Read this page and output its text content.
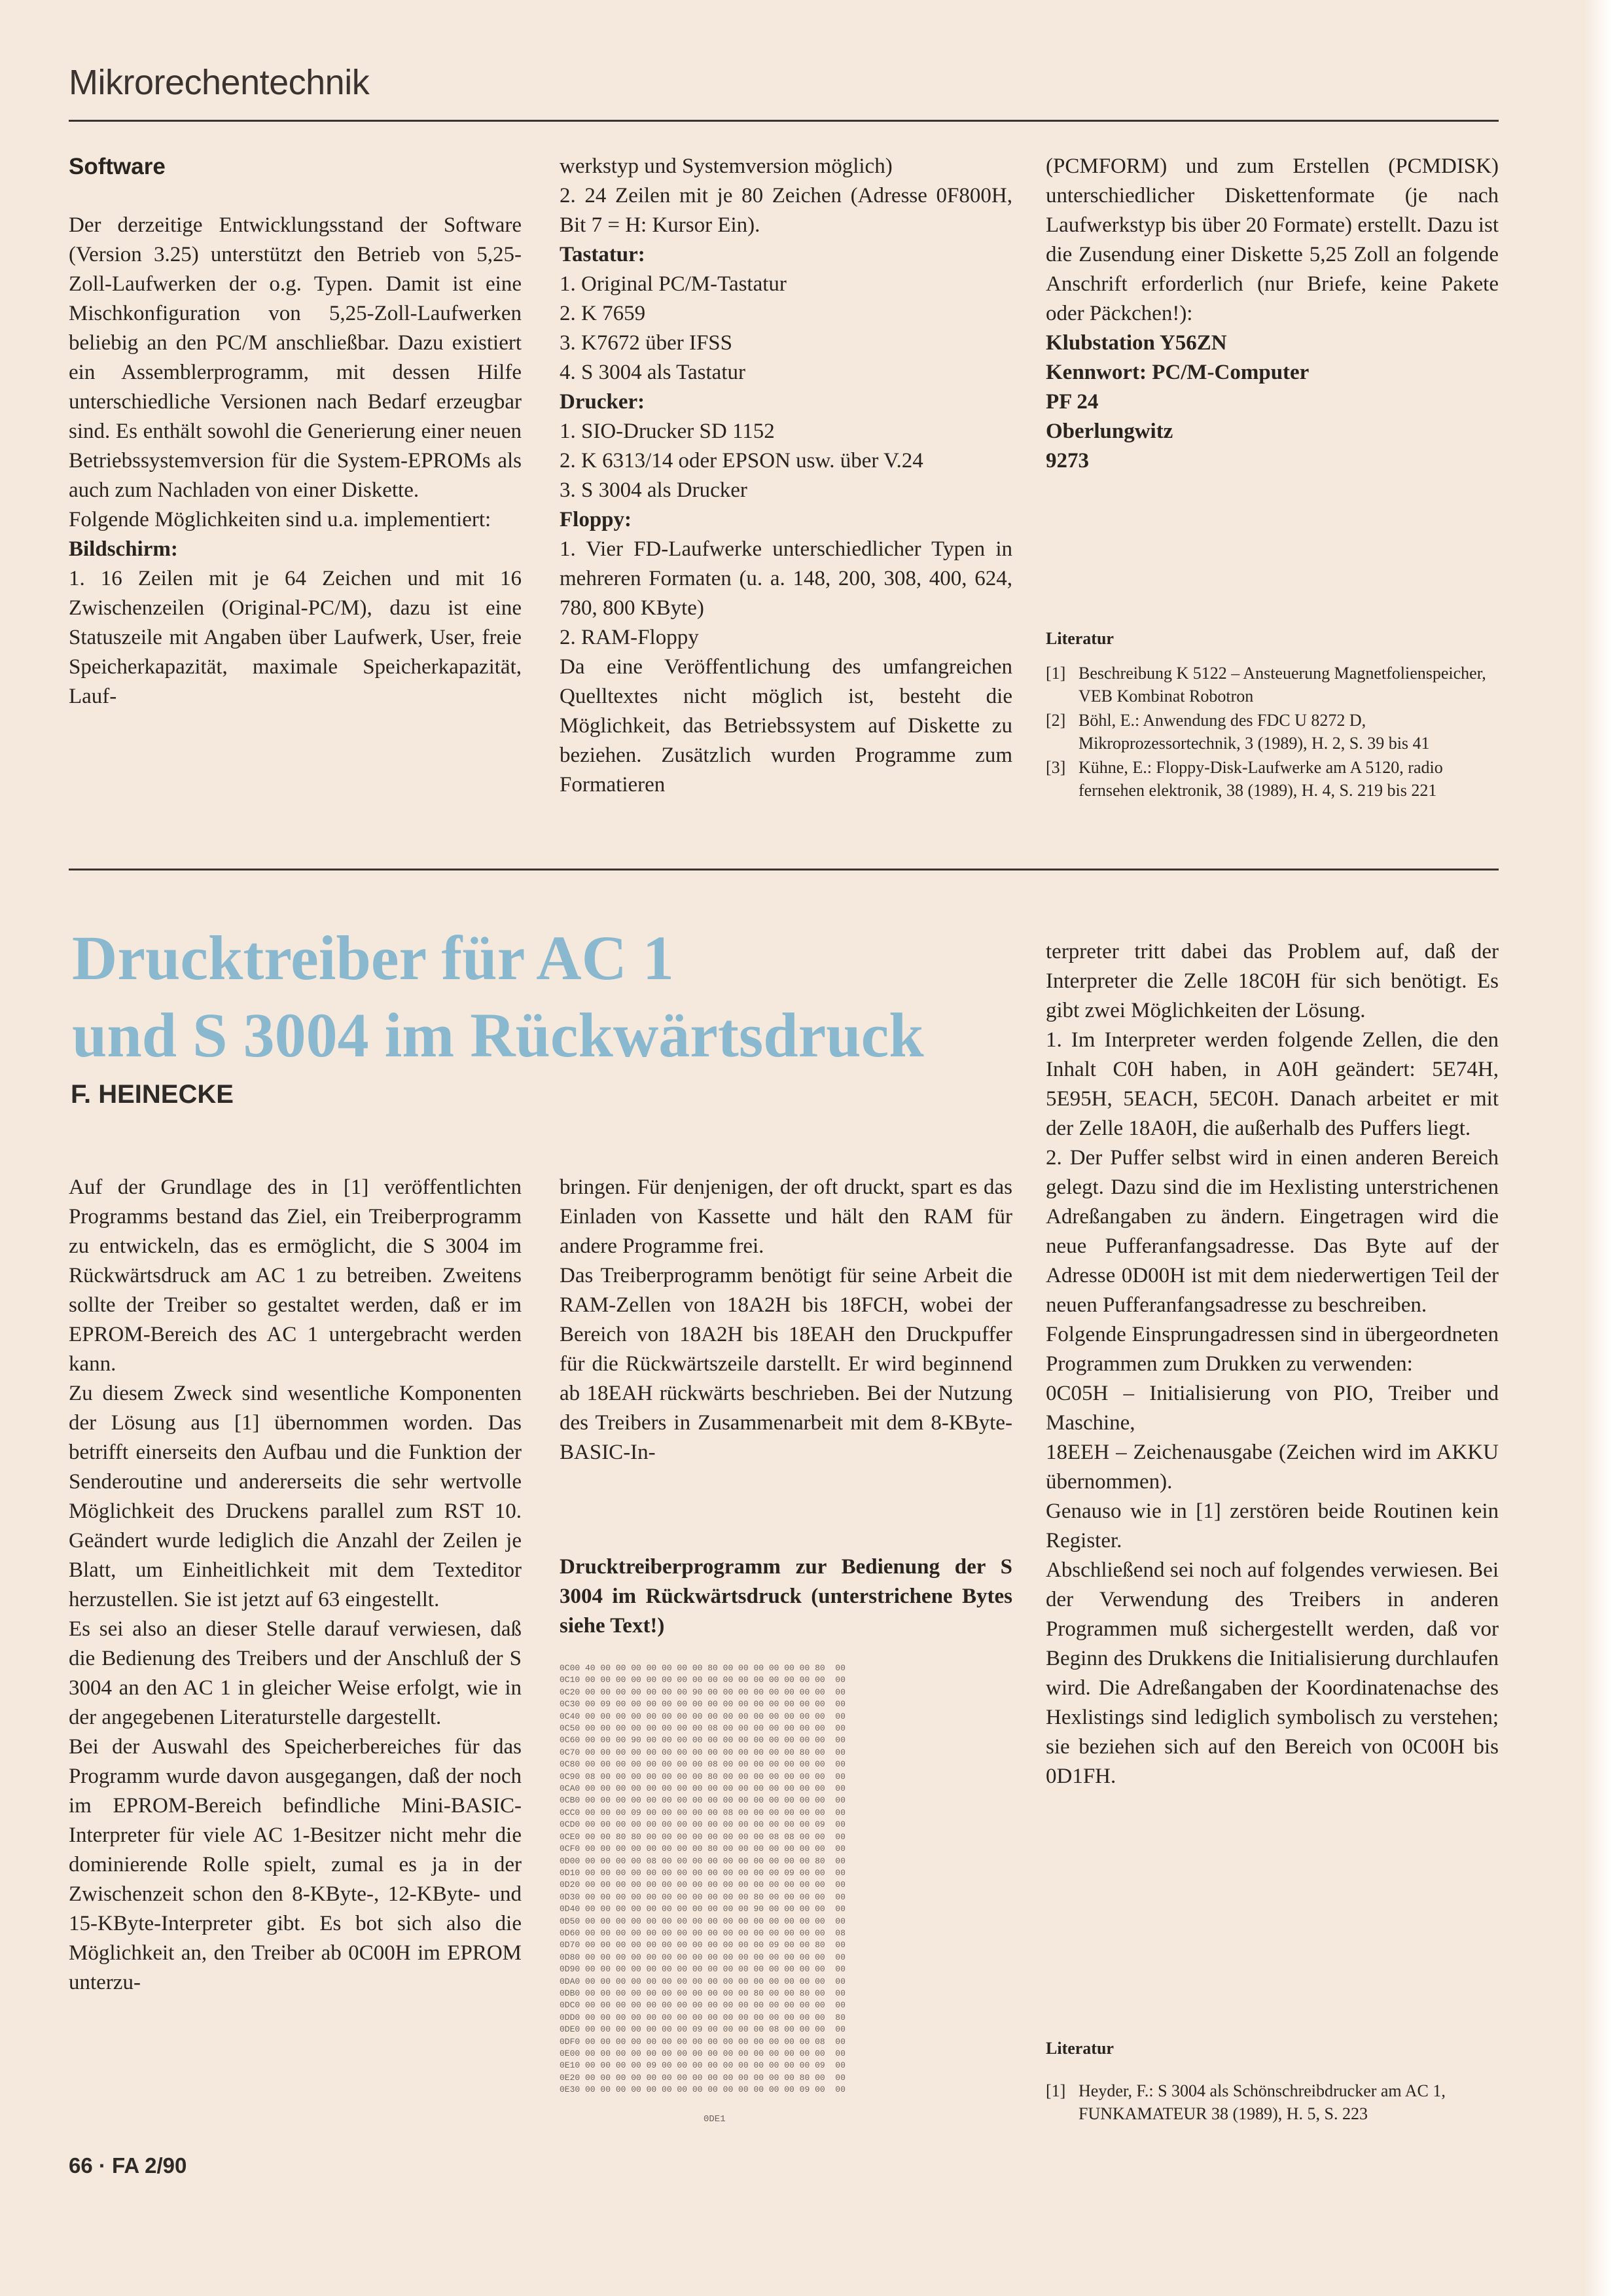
Mikrorechentechnik

Software

Der derzeitige Entwicklungsstand der Software (Version 3.25) unterstützt den Betrieb von 5,25-Zoll-Laufwerken der o.g. Typen. Damit ist eine Mischkonfiguration von 5,25-Zoll-Laufwerken beliebig an den PC/M anschließbar. Dazu existiert ein Assemblerprogramm, mit dessen Hilfe unterschiedliche Versionen nach Bedarf erzeugbar sind. Es enthält sowohl die Generierung einer neuen Betriebssystemversion für die System-EPROMs als auch zum Nachladen von einer Diskette.

Folgende Möglichkeiten sind u.a. implementiert:

Bildschirm:

1. 16 Zeilen mit je 64 Zeichen und mit 16 Zwischenzeilen (Original-PC/M), dazu ist eine Statuszeile mit Angaben über Laufwerk, User, freie Speicherkapazität, maximale Speicherkapazität, Lauf-

werkstyp und Systemversion möglich)

2. 24 Zeilen mit je 80 Zeichen (Adresse 0F800H, Bit 7 = H: Kursor Ein).

Tastatur:

1. Original PC/M-Tastatur

2. K 7659

3. K7672 über IFSS

4. S 3004 als Tastatur

Drucker:

1. SIO-Drucker SD 1152

2. K 6313/14 oder EPSON usw. über V.24

3. S 3004 als Drucker

Floppy:

1. Vier FD-Laufwerke unterschiedlicher Typen in mehreren Formaten (u. a. 148, 200, 308, 400, 624, 780, 800 KByte)

2. RAM-Floppy

Da eine Veröffentlichung des umfangreichen Quelltextes nicht möglich ist, besteht die Möglichkeit, das Betriebssystem auf Diskette zu beziehen. Zusätzlich wurden Programme zum Formatieren

(PCMFORM) und zum Erstellen (PCMDISK) unterschiedlicher Diskettenformate (je nach Laufwerkstyp bis über 20 Formate) erstellt. Dazu ist die Zusendung einer Diskette 5,25 Zoll an folgende Anschrift erforderlich (nur Briefe, keine Pakete oder Päckchen!):

Klubstation Y56ZN

Kennwort: PC/M-Computer

PF 24

Oberlungwitz

9273

Literatur
[1] Beschreibung K 5122 – Ansteuerung Magnetfolienspeicher, VEB Kombinat Robotron
[2] Böhl, E.: Anwendung des FDC U 8272 D, Mikroprozessortechnik, 3 (1989), H. 2, S. 39 bis 41
[3] Kühne, E.: Floppy-Disk-Laufwerke am A 5120, radio fernsehen elektronik, 38 (1989), H. 4, S. 219 bis 221
Drucktreiber für AC 1
und S 3004 im Rückwärtsdruck
F. HEINECKE

Auf der Grundlage des in [1] veröffentlichten Programms bestand das Ziel, ein Treiberprogramm zu entwickeln, das es ermöglicht, die S 3004 im Rückwärtsdruck am AC 1 zu betreiben. Zweitens sollte der Treiber so gestaltet werden, daß er im EPROM-Bereich des AC 1 untergebracht werden kann.

Zu diesem Zweck sind wesentliche Komponenten der Lösung aus [1] übernommen worden. Das betrifft einerseits den Aufbau und die Funktion der Senderoutine und andererseits die sehr wertvolle Möglichkeit des Druckens parallel zum RST 10. Geändert wurde lediglich die Anzahl der Zeilen je Blatt, um Einheitlichkeit mit dem Texteditor herzustellen. Sie ist jetzt auf 63 eingestellt.

Es sei also an dieser Stelle darauf verwiesen, daß die Bedienung des Treibers und der Anschluß der S 3004 an den AC 1 in gleicher Weise erfolgt, wie in der angegebenen Literaturstelle dargestellt.

Bei der Auswahl des Speicherbereiches für das Programm wurde davon ausgegangen, daß der noch im EPROM-Bereich befindliche Mini-BASIC-Interpreter für viele AC 1-Besitzer nicht mehr die dominierende Rolle spielt, zumal es ja in der Zwischenzeit schon den 8-KByte-, 12-KByte- und 15-KByte-Interpreter gibt. Es bot sich also die Möglichkeit an, den Treiber ab 0C00H im EPROM unterzu-

bringen. Für denjenigen, der oft druckt, spart es das Einladen von Kassette und hält den RAM für andere Programme frei.

Das Treiberprogramm benötigt für seine Arbeit die RAM-Zellen von 18A2H bis 18FCH, wobei der Bereich von 18A2H bis 18EAH den Druckpuffer für die Rückwärtszeile darstellt. Er wird beginnend ab 18EAH rückwärts beschrieben. Bei der Nutzung des Treibers in Zusammenarbeit mit dem 8-KByte-BASIC-In-

Drucktreiberprogramm zur Bedienung der S 3004 im Rückwärtsdruck (unterstrichene Bytes siehe Text!)
0C00 40 00 00 00 00 00 00 00 80 00 00 00 00 00 00 80  00
0C10 00 00 00 00 00 00 00 00 00 00 00 00 00 00 00 00  00
0C20 00 00 00 00 00 00 00 90 00 00 00 00 00 00 00 00  00
0C30 00 09 00 00 00 00 00 00 00 00 00 00 00 00 00 00  00
0C40 00 00 00 00 00 00 00 00 00 00 00 00 00 00 00 00  00
0C50 00 00 00 00 00 00 00 00 08 00 00 00 00 00 00 00  00
0C60 00 00 00 90 00 00 00 00 00 00 00 00 00 00 00 00  00
0C70 00 00 00 00 00 00 00 00 00 00 00 00 00 00 80 00  00
0C80 00 00 00 00 00 00 00 00 08 00 00 00 00 00 00 00  00
0C90 08 00 00 00 00 00 00 00 80 00 00 00 00 00 00 00  00
0CA0 00 00 00 00 00 00 00 00 00 00 00 00 00 00 00 00  00
0CB0 00 00 00 00 00 00 00 00 00 00 00 00 00 00 00 00  00
0CC0 00 00 00 09 00 00 00 00 00 08 00 00 00 00 00 00  00
0CD0 00 00 00 00 00 00 00 00 00 00 00 00 00 00 00 09  00
0CE0 00 00 80 80 00 00 00 00 00 00 00 00 08 08 00 00  00
0CF0 00 00 00 00 00 00 00 00 80 00 00 00 00 00 00 00  00
0D00 00 00 00 00 08 00 00 00 00 00 00 00 00 00 00 80  00
0D10 00 00 00 00 00 00 00 00 00 00 00 00 00 09 00 00  00
0D20 00 00 00 00 00 00 00 00 00 00 00 00 00 00 00 00  00
0D30 00 00 00 00 00 00 00 00 00 00 00 80 00 00 00 00  00
0D40 00 00 00 00 00 00 00 00 00 00 00 90 00 00 00 00  00
0D50 00 00 00 00 00 00 00 00 00 00 00 00 00 00 00 00  00
0D60 00 00 00 00 00 00 00 00 00 00 00 00 00 00 00 00  08
0D70 00 00 00 00 00 00 00 00 00 00 00 00 09 00 00 80  00
0D80 00 00 00 00 00 00 00 00 00 00 00 00 00 00 00 00  00
0D90 00 00 00 00 00 00 00 00 00 00 00 00 00 00 00 00  00
0DA0 00 00 00 00 00 00 00 00 00 00 00 00 00 00 00 00  00
0DB0 00 00 00 00 00 00 00 00 00 00 00 80 00 00 80 00  00
0DC0 00 00 00 00 00 00 00 00 00 00 00 00 00 00 00 00  00
0DD0 00 00 00 00 00 00 00 00 00 00 00 00 00 00 00 00  80
0DE0 00 00 00 00 00 00 00 09 00 00 00 00 08 00 00 00  00
0DF0 00 00 00 00 00 00 00 00 00 00 00 00 00 00 00 08  00
0E00 00 00 00 00 00 00 00 00 00 00 00 00 00 00 00 00  00
0E10 00 00 00 00 09 00 00 00 00 00 00 00 00 00 00 09  00
0E20 00 00 00 00 00 00 00 00 00 00 00 00 00 00 80 00  00
0E30 00 00 00 00 00 00 00 00 00 00 00 00 00 00 09 00  00
0DE1

terpreter tritt dabei das Problem auf, daß der Interpreter die Zelle 18C0H für sich benötigt. Es gibt zwei Möglichkeiten der Lösung.

1. Im Interpreter werden folgende Zellen, die den Inhalt C0H haben, in A0H geändert: 5E74H, 5E95H, 5EACH, 5EC0H. Danach arbeitet er mit der Zelle 18A0H, die außerhalb des Puffers liegt.

2. Der Puffer selbst wird in einen anderen Bereich gelegt. Dazu sind die im Hexlisting unterstrichenen Adreßangaben zu ändern. Eingetragen wird die neue Pufferanfangsadresse. Das Byte auf der Adresse 0D00H ist mit dem niederwertigen Teil der neuen Pufferanfangsadresse zu beschreiben.

Folgende Einsprungadressen sind in übergeordneten Programmen zum Drukken zu verwenden:

0C05H – Initialisierung von PIO, Treiber und Maschine,

18EEH – Zeichenausgabe (Zeichen wird im AKKU übernommen).

Genauso wie in [1] zerstören beide Routinen kein Register.

Abschließend sei noch auf folgendes verwiesen. Bei der Verwendung des Treibers in anderen Programmen muß sichergestellt werden, daß vor Beginn des Drukkens die Initialisierung durchlaufen wird. Die Adreßangaben der Koordinatenachse des Hexlistings sind lediglich symbolisch zu verstehen; sie beziehen sich auf den Bereich von 0C00H bis 0D1FH.

Literatur
[1] Heyder, F.: S 3004 als Schönschreibdrucker am AC 1, FUNKAMATEUR 38 (1989), H. 5, S. 223
66 · FA 2/90
